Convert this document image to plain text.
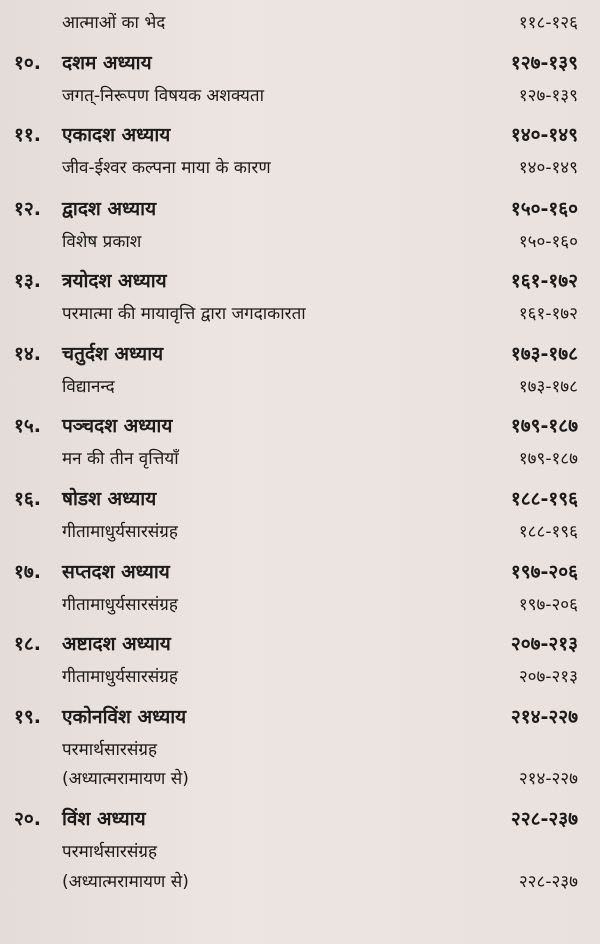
आत्माओं का भेद	११८-१२६
१०. दशम अध्याय	१२७-१३९
जगत्-निरूपण विषयक अशक्यता	१२७-१३९
११. एकादश अध्याय	१४०-१४९
जीव-ईश्वर कल्पना माया के कारण	१४०-१४९
१२. द्वादश अध्याय	१५०-१६०
विशेष प्रकाश	१५०-१६०
१३. त्रयोदश अध्याय	१६१-१७२
परमात्मा की मायावृत्ति द्वारा जगदाकारता	१६१-१७२
१४. चतुर्दश अध्याय	१७३-१७८
विद्यानन्द	१७३-१७८
१५. पञ्चदश अध्याय	१७९-१८७
मन की तीन वृत्तियाँ	१७९-१८७
१६. षोडश अध्याय	१८८-१९६
गीतामाधुर्यसारसंग्रह	१८८-१९६
१७. सप्तदश अध्याय	१९७-२०६
गीतामाधुर्यसारसंग्रह	१९७-२०६
१८. अष्टादश अध्याय	२०७-२१३
गीतामाधुर्यसारसंग्रह	२०७-२१३
१९. एकोनविंश अध्याय	२१४-२२७
परमार्थसारसंग्रह
(अध्यात्मरामायण से)	२१४-२२७
२०. विंश अध्याय	२२८-२३७
परमार्थसारसंग्रह
(अध्यात्मरामायण से)	२२८-२३७
